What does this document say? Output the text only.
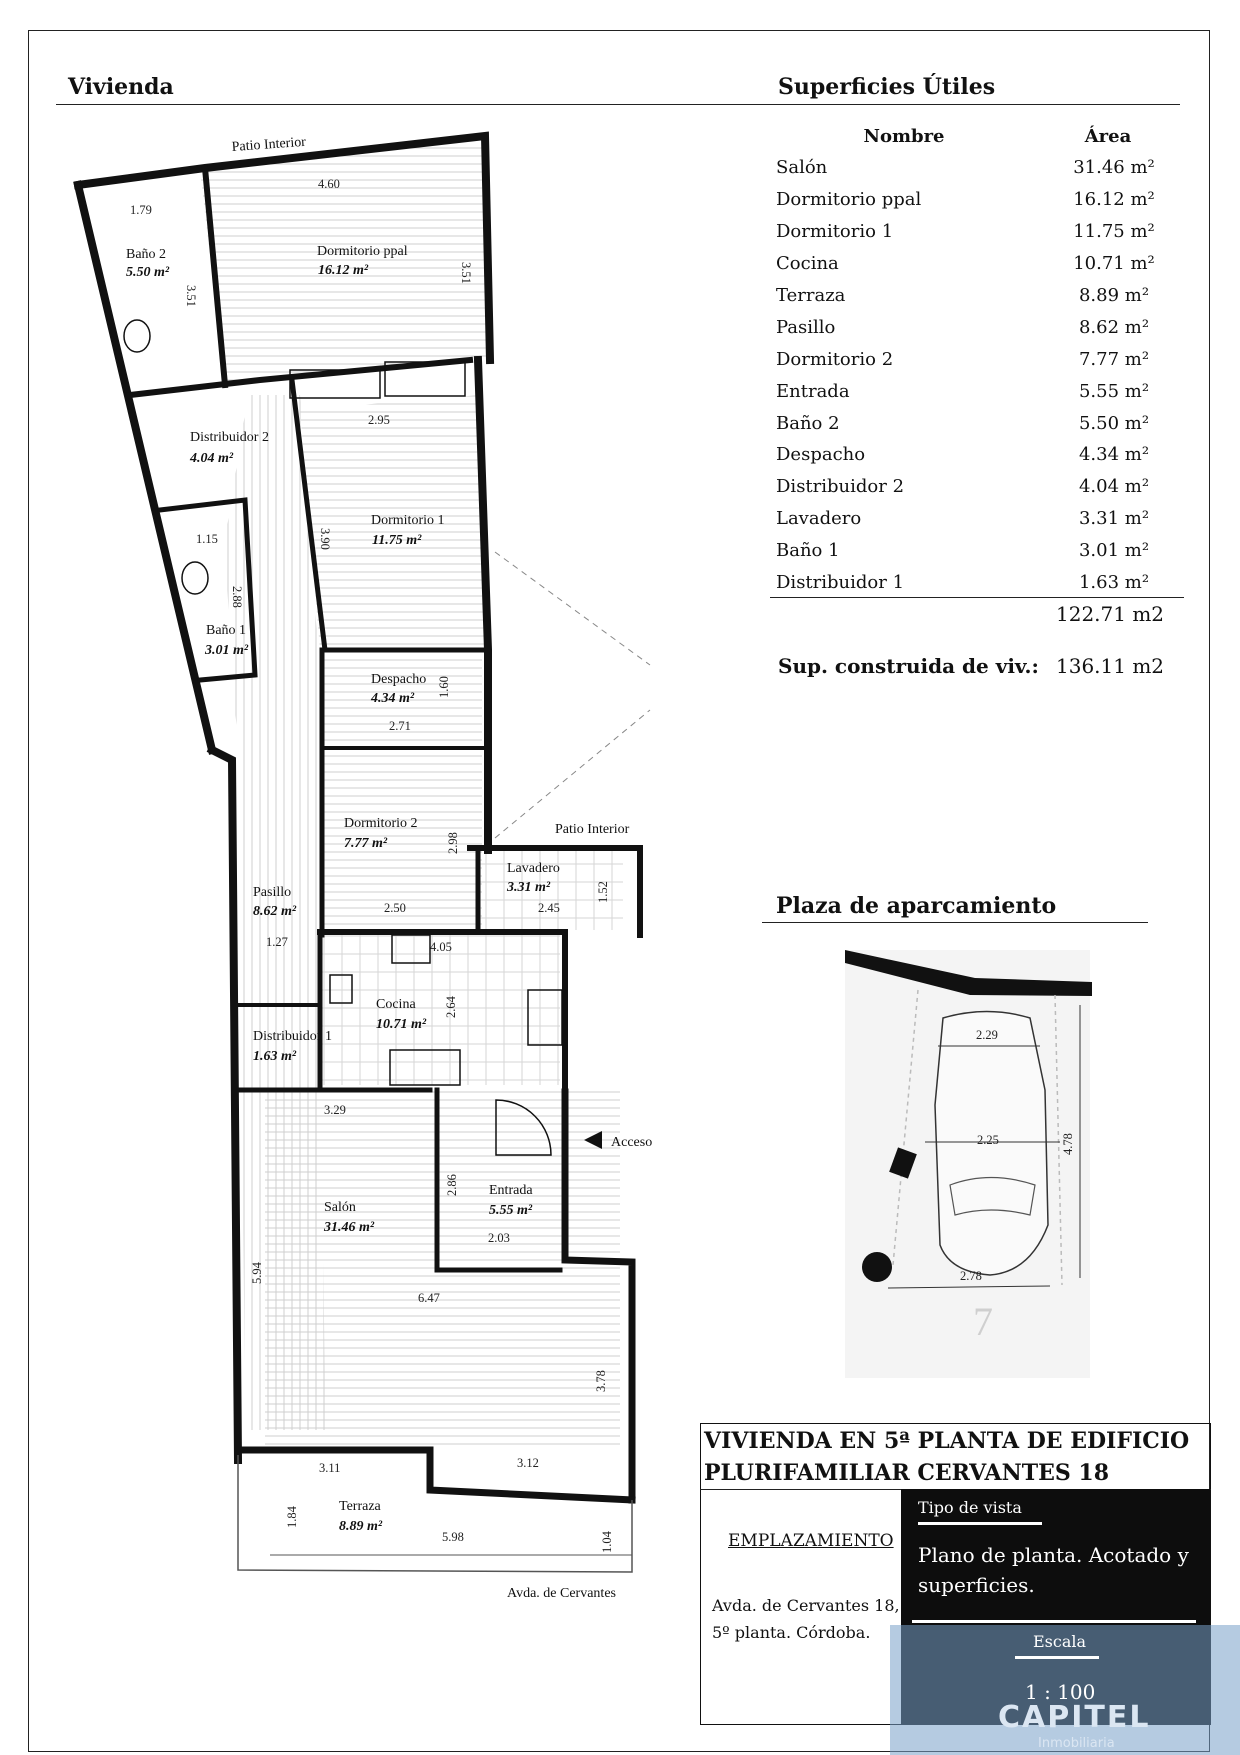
Vivienda	Superficies Útiles
Nombre	Área
Salón	31.46 m²
Dormitorio ppal	16.12 m²
Dormitorio 1	11.75 m²
Cocina	10.71 m²
Terraza	8.89 m²
Pasillo	8.62 m²
Dormitorio 2	7.77 m²
Entrada	5.55 m²
Baño 2	5.50 m²
Despacho	4.34 m²
Distribuidor 2	4.04 m²
Lavadero	3.31 m²
Baño 1	3.01 m²
Distribuidor 1	1.63 m²
122.71 m2
Sup. construida de viv.: 136.11 m2
Plaza de aparcamiento
Acceso
Patio Interior
Patio Interior
Avda. de Cervantes
Dormitorio ppal
16.12 m²
Baño 2
5.50 m²
Distribuidor 2
4.04 m²
Dormitorio 1
11.75 m²
Baño 1
3.01 m²
Despacho
4.34 m²
Dormitorio 2
7.77 m²
Lavadero
3.31 m²
Pasillo
8.62 m²
Cocina
10.71 m²
Distribuidor 1
1.63 m²
Salón
31.46 m²
Entrada
5.55 m²
Terraza
8.89 m²
4.60
3.51
3.51
1.79
2.95
3.90
1.15
2.88
1.60
2.71
2.98
2.50
1.52
2.45
1.27	4.05
2.64
3.29
2.86
2.03
5.94
6.47
3.78
3.11	3.12
1.84
5.98	1.04
2.29
2.25	4.78
2.78
7
VIVIENDA EN 5ª PLANTA DE EDIFICIO
PLURIFAMILIAR CERVANTES 18
EMPLAZAMIENTO
Avda. de Cervantes 18,
5º planta. Córdoba.
Tipo de vista
Plano de planta. Acotado y
superficies.
Escala
1 : 100
CAPITEL
Inmobiliaria
